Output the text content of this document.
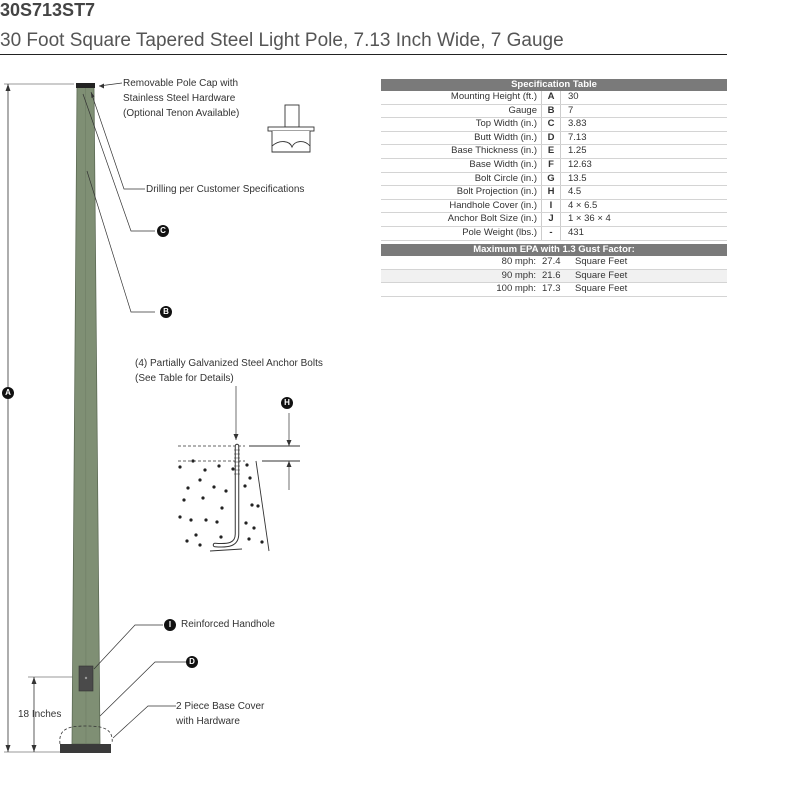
30S713ST7
30 Foot Square Tapered Steel Light Pole, 7.13 Inch Wide, 7 Gauge
A
B
C
D
H
I
Removable Pole Cap with
Stainless Steel Hardware
(Optional Tenon Available)
Drilling per Customer Specifications
(4) Partially Galvanized Steel Anchor Bolts
(See Table for Details)
Reinforced Handhole
2 Piece Base Cover
with Hardware
18 Inches
Specification Table		
Mounting Height (ft.)	A	30
Gauge	B	7
Top Width (in.)	C	3.83
Butt Width (in.)	D	7.13
Base Thickness (in.)	E	1.25
Base Width (in.)	F	12.63
Bolt Circle (in.)	G	13.5
Bolt Projection (in.)	H	4.5
Handhole Cover (in.)	I	4 × 6.5
Anchor Bolt Size (in.)	J	1 × 36 × 4
Pole Weight (lbs.)	-	431
Maximum EPA with 1.3 Gust Factor:		
80 mph:	27.4	Square Feet
90 mph:	21.6	Square Feet
100 mph:	17.3	Square Feet
